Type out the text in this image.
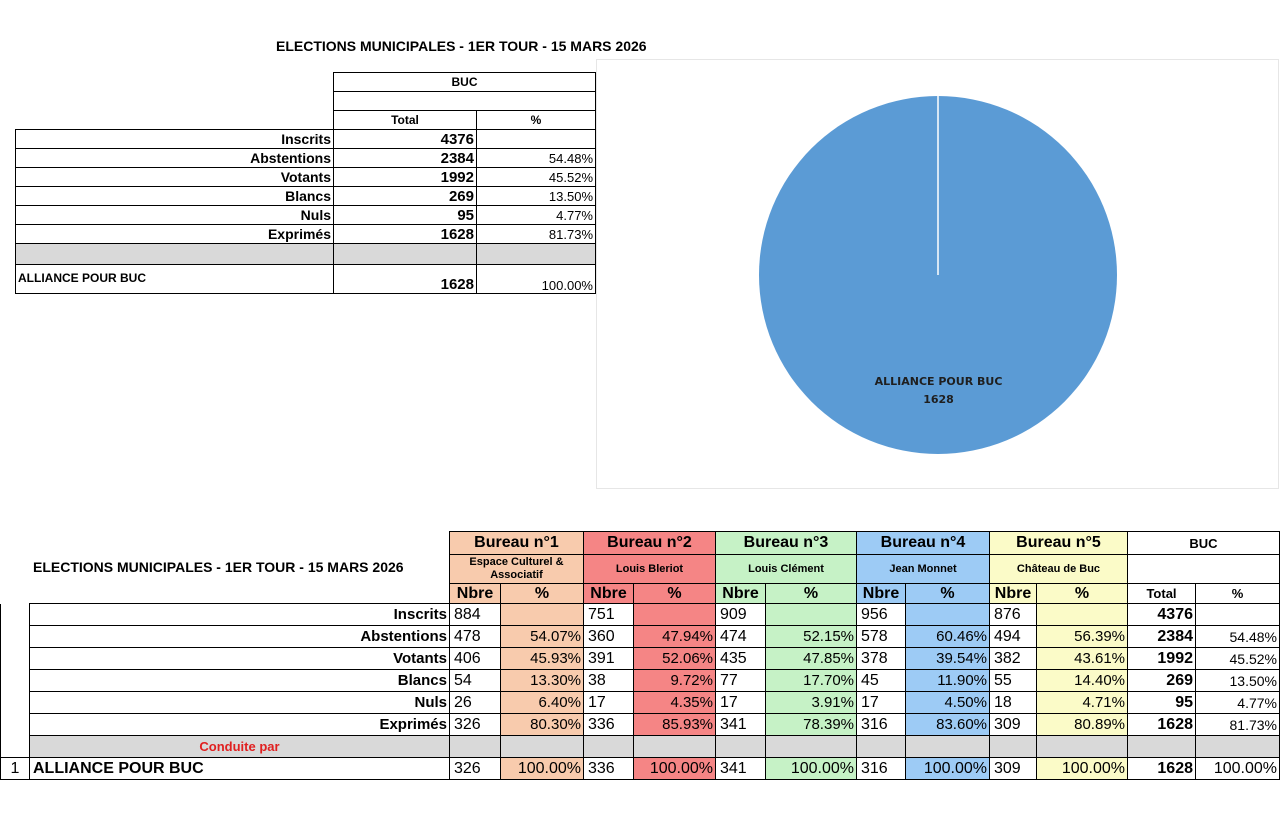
ELECTIONS MUNICIPALES - 1ER TOUR - 15 MARS 2026
	BUC	

	Total	%
Inscrits	4376	
Abstentions	2384	54.48%
Votants	1992	45.52%
Blancs	269	13.50%
Nuls	95	4.77%
Exprimés	1628	81.73%

ALLIANCE POUR BUC	1628	100.00%
ALLIANCE POUR BUC
1628
ELECTIONS MUNICIPALES - 1ER TOUR - 15 MARS 2026
		Bureau n°1		Bureau n°2		Bureau n°3		Bureau n°4		Bureau n°5		BUC	
		Espace Culturel & Associatif		Louis Bleriot		Louis Clément		Jean Monnet		Château de Buc			
		Nbre	%	Nbre	%	Nbre	%	Nbre	%	Nbre	%	Total	%
	Inscrits	884		751		909		956		876		4376	
	Abstentions	478	54.07%	360	47.94%	474	52.15%	578	60.46%	494	56.39%	2384	54.48%
	Votants	406	45.93%	391	52.06%	435	47.85%	378	39.54%	382	43.61%	1992	45.52%
	Blancs	54	13.30%	38	9.72%	77	17.70%	45	11.90%	55	14.40%	269	13.50%
	Nuls	26	6.40%	17	4.35%	17	3.91%	17	4.50%	18	4.71%	95	4.77%
	Exprimés	326	80.30%	336	85.93%	341	78.39%	316	83.60%	309	80.89%	1628	81.73%
	Conduite par												
1	ALLIANCE POUR BUC	326	100.00%	336	100.00%	341	100.00%	316	100.00%	309	100.00%	1628	100.00%
